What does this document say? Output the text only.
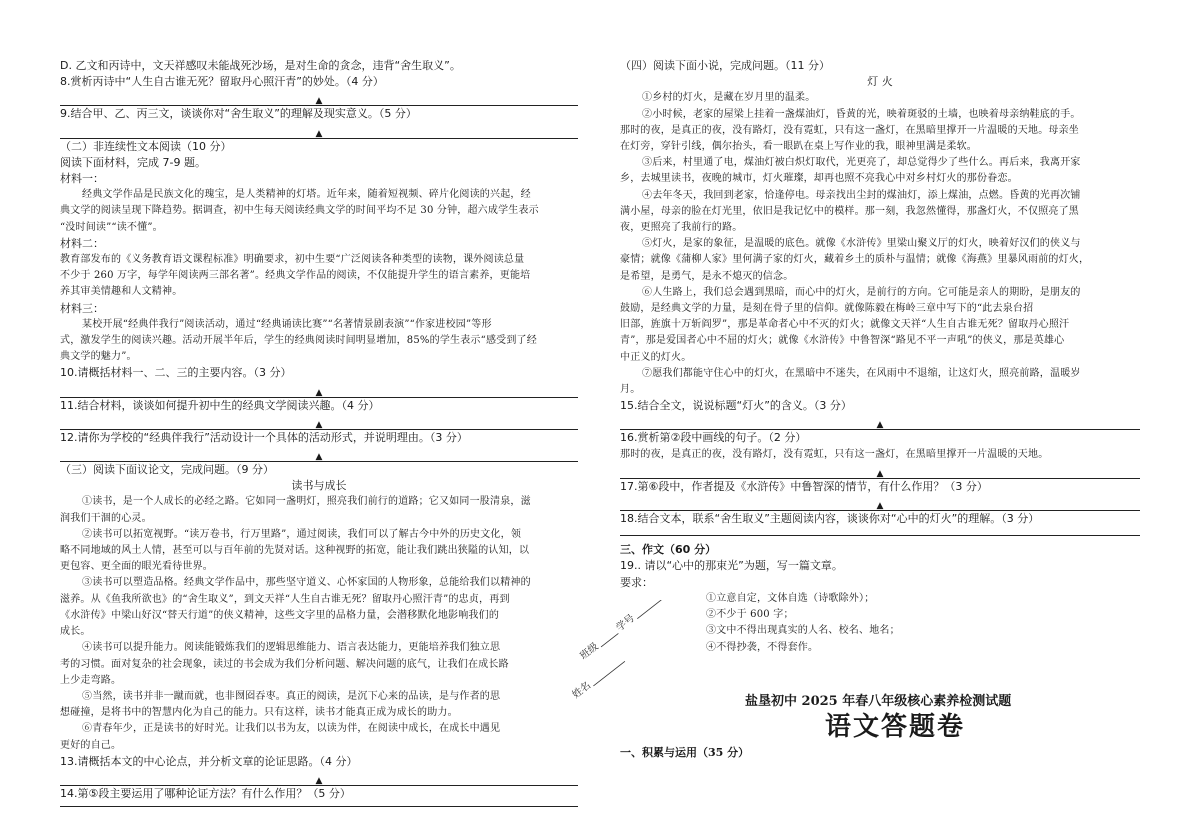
D. 乙文和丙诗中，文天祥感叹未能战死沙场，是对生命的贪念，违背“舍生取义”。
8.赏析丙诗中“人生自古谁无死？留取丹心照汗青”的妙处。（4 分）
▲
9.结合甲、乙、丙三文，谈谈你对“舍生取义”的理解及现实意义。（5 分）
▲
（二）非连续性文本阅读（10 分）
阅读下面材料，完成 7-9 题。
材料一：
经典文学作品是民族文化的瑰宝，是人类精神的灯塔。近年来，随着短视频、碎片化阅读的兴起，经
典文学的阅读呈现下降趋势。据调查，初中生每天阅读经典文学的时间平均不足 30 分钟，超六成学生表示
“没时间读”“读不懂”。
材料二：
教育部发布的《义务教育语文课程标准》明确要求，初中生要“广泛阅读各种类型的读物，课外阅读总量
不少于 260 万字，每学年阅读两三部名著”。经典文学作品的阅读，不仅能提升学生的语言素养，更能培
养其审美情趣和人文精神。
材料三：
某校开展“经典伴我行”阅读活动，通过“经典诵读比赛”“名著情景剧表演”“作家进校园”等形
式，激发学生的阅读兴趣。活动开展半年后，学生的经典阅读时间明显增加，85%的学生表示“感受到了经
典文学的魅力”。
10.请概括材料一、二、三的主要内容。（3 分）
▲
11.结合材料，谈谈如何提升初中生的经典文学阅读兴趣。（4 分）
▲
12.请你为学校的“经典伴我行”活动设计一个具体的活动形式，并说明理由。（3 分）
▲
（三）阅读下面议论文，完成问题。（9 分）
读书与成长
①读书，是一个人成长的必经之路。它如同一盏明灯，照亮我们前行的道路；它又如同一股清泉，滋
润我们干涸的心灵。
②读书可以拓宽视野。“读万卷书，行万里路”，通过阅读，我们可以了解古今中外的历史文化，领
略不同地域的风土人情，甚至可以与百年前的先贤对话。这种视野的拓宽，能让我们跳出狭隘的认知，以
更包容、更全面的眼光看待世界。
③读书可以塑造品格。经典文学作品中，那些坚守道义、心怀家国的人物形象，总能给我们以精神的
滋养。从《鱼我所欲也》的“舍生取义”，到文天祥“人生自古谁无死？留取丹心照汗青”的忠贞，再到
《水浒传》中梁山好汉“替天行道”的侠义精神，这些文字里的品格力量，会潜移默化地影响我们的
成长。
④读书可以提升能力。阅读能锻炼我们的逻辑思维能力、语言表达能力，更能培养我们独立思
考的习惯。面对复杂的社会现象，读过的书会成为我们分析问题、解决问题的底气，让我们在成长路
上少走弯路。
⑤当然，读书并非一蹴而就，也非囫囵吞枣。真正的阅读，是沉下心来的品读，是与作者的思
想碰撞，是将书中的智慧内化为自己的能力。只有这样，读书才能真正成为成长的助力。
⑥青春年少，正是读书的好时光。让我们以书为友，以读为伴，在阅读中成长，在成长中遇见
更好的自己。
13.请概括本文的中心论点，并分析文章的论证思路。（4 分）
▲
14.第⑤段主要运用了哪种论证方法？有什么作用？（5 分）
（四）阅读下面小说，完成问题。（11 分）
灯 火
①乡村的灯火，是藏在岁月里的温柔。
②小时候，老家的屋梁上挂着一盏煤油灯，昏黄的光，映着斑驳的土墙，也映着母亲纳鞋底的手。
那时的夜，是真正的夜，没有路灯，没有霓虹，只有这一盏灯，在黑暗里撑开一片温暖的天地。母亲坐
在灯旁，穿针引线，偶尔抬头，看一眼趴在桌上写作业的我，眼神里满是柔软。
③后来，村里通了电，煤油灯被白炽灯取代，光更亮了，却总觉得少了些什么。再后来，我离开家
乡，去城里读书，夜晚的城市，灯火璀璨，却再也照不亮我心中对乡村灯火的那份眷恋。
④去年冬天，我回到老家，恰逢停电。母亲找出尘封的煤油灯，添上煤油，点燃。昏黄的光再次铺
满小屋，母亲的脸在灯光里，依旧是我记忆中的模样。那一刻，我忽然懂得，那盏灯火，不仅照亮了黑
夜，更照亮了我前行的路。
⑤灯火，是家的象征，是温暖的底色。就像《水浒传》里梁山聚义厅的灯火，映着好汉们的侠义与
豪情；就像《蒲柳人家》里何满子家的灯火，藏着乡土的质朴与温情；就像《海燕》里暴风雨前的灯火，
是希望，是勇气，是永不熄灭的信念。
⑥人生路上，我们总会遇到黑暗，而心中的灯火，是前行的方向。它可能是亲人的期盼，是朋友的
鼓励，是经典文学的力量，是刻在骨子里的信仰。就像陈毅在梅岭三章中写下的“此去泉台招
旧部，旌旗十万斩阎罗”，那是革命者心中不灭的灯火；就像文天祥“人生自古谁无死？留取丹心照汗
青”，那是爱国者心中不屈的灯火；就像《水浒传》中鲁智深“路见不平一声吼”的侠义，那是英雄心
中正义的灯火。
⑦愿我们都能守住心中的灯火，在黑暗中不迷失，在风雨中不退缩，让这灯火，照亮前路，温暖岁
月。
15.结合全文，说说标题“灯火”的含义。（3 分）
▲
16.赏析第②段中画线的句子。（2 分）
那时的夜，是真正的夜，没有路灯，没有霓虹，只有这一盏灯，在黑暗里撑开一片温暖的天地。
▲
17.第⑥段中，作者提及《水浒传》中鲁智深的情节，有什么作用？（3 分）
▲
18.结合文本，联系“舍生取义”主题阅读内容，谈谈你对“心中的灯火”的理解。（3 分）
三、作文（60 分）
19.. 请以“心中的那束光”为题，写一篇文章。
要求：
①立意自定，文体自选（诗歌除外）；
②不少于 600 字；
③文中不得出现真实的人名、校名、地名；
④不得抄袭，不得套作。
姓名
班级
学号
盐垦初中 2025 年春八年级核心素养检测试题
语文答题卷
一、积累与运用（35 分）
